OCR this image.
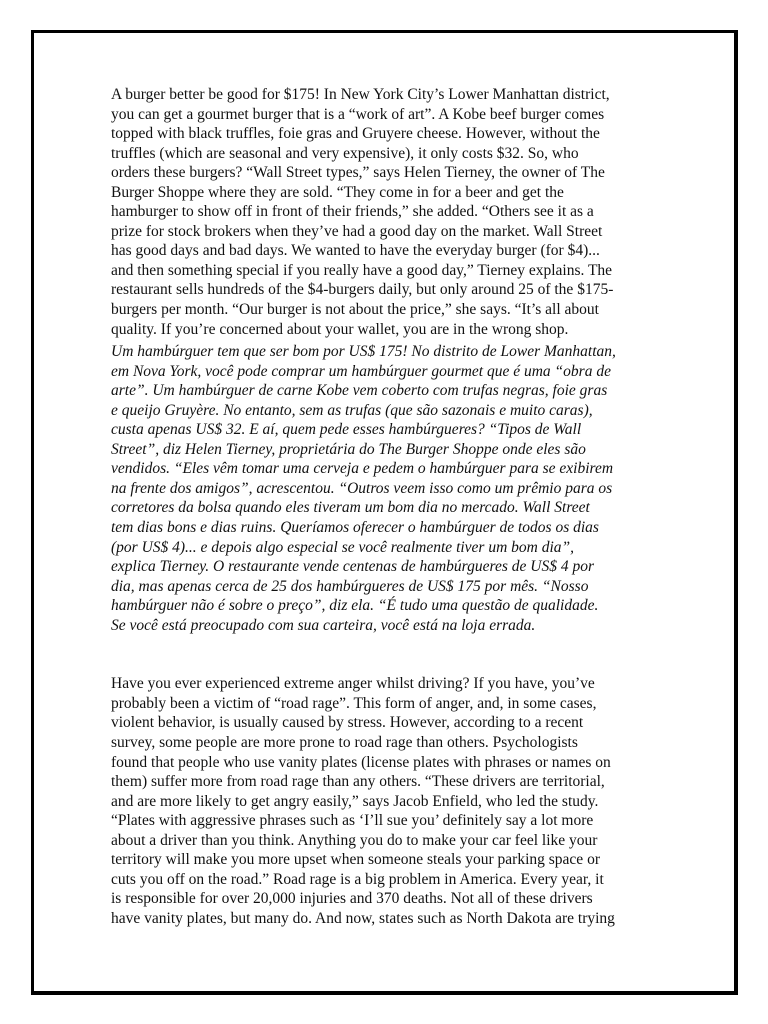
A burger better be good for $175! In New York City’s Lower Manhattan district,
you can get a gourmet burger that is a “work of art”. A Kobe beef burger comes
topped with black truffles, foie gras and Gruyere cheese. However, without the
truffles (which are seasonal and very expensive), it only costs $32. So, who
orders these burgers? “Wall Street types,” says Helen Tierney, the owner of The
Burger Shoppe where they are sold. “They come in for a beer and get the
hamburger to show off in front of their friends,” she added. “Others see it as a
prize for stock brokers when they’ve had a good day on the market. Wall Street
has good days and bad days. We wanted to have the everyday burger (for $4)...
and then something special if you really have a good day,” Tierney explains. The
restaurant sells hundreds of the $4-burgers daily, but only around 25 of the $175-
burgers per month. “Our burger is not about the price,” she says. “It’s all about
quality. If you’re concerned about your wallet, you are in the wrong shop.

Um hambúrguer tem que ser bom por US$ 175! No distrito de Lower Manhattan,
em Nova York, você pode comprar um hambúrguer gourmet que é uma “obra de
arte”. Um hambúrguer de carne Kobe vem coberto com trufas negras, foie gras
e queijo Gruyère. No entanto, sem as trufas (que são sazonais e muito caras),
custa apenas US$ 32. E aí, quem pede esses hambúrgueres? “Tipos de Wall
Street”, diz Helen Tierney, proprietária do The Burger Shoppe onde eles são
vendidos. “Eles vêm tomar uma cerveja e pedem o hambúrguer para se exibirem
na frente dos amigos”, acrescentou. “Outros veem isso como um prêmio para os
corretores da bolsa quando eles tiveram um bom dia no mercado. Wall Street
tem dias bons e dias ruins. Queríamos oferecer o hambúrguer de todos os dias
(por US$ 4)... e depois algo especial se você realmente tiver um bom dia”,
explica Tierney. O restaurante vende centenas de hambúrgueres de US$ 4 por
dia, mas apenas cerca de 25 dos hambúrgueres de US$ 175 por mês. “Nosso
hambúrguer não é sobre o preço”, diz ela. “É tudo uma questão de qualidade.
Se você está preocupado com sua carteira, você está na loja errada.

Have you ever experienced extreme anger whilst driving? If you have, you’ve
probably been a victim of “road rage”. This form of anger, and, in some cases,
violent behavior, is usually caused by stress. However, according to a recent
survey, some people are more prone to road rage than others. Psychologists
found that people who use vanity plates (license plates with phrases or names on
them) suffer more from road rage than any others. “These drivers are territorial,
and are more likely to get angry easily,” says Jacob Enfield, who led the study.
“Plates with aggressive phrases such as ‘I’ll sue you’ definitely say a lot more
about a driver than you think. Anything you do to make your car feel like your
territory will make you more upset when someone steals your parking space or
cuts you off on the road.” Road rage is a big problem in America. Every year, it
is responsible for over 20,000 injuries and 370 deaths. Not all of these drivers
have vanity plates, but many do. And now, states such as North Dakota are trying
